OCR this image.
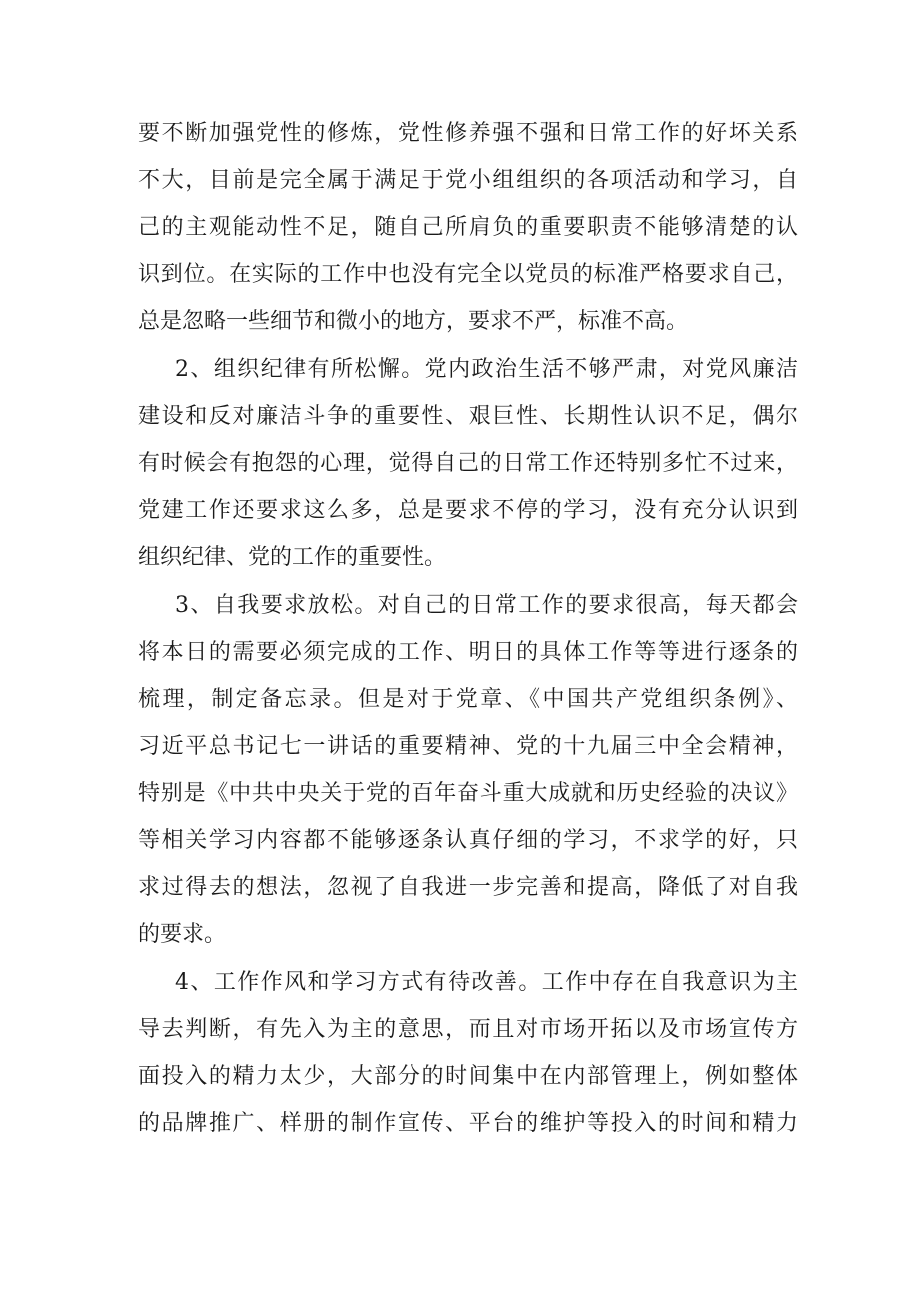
要不断加强党性的修炼，党性修养强不强和日常工作的好坏关系
不大，目前是完全属于满足于党小组组织的各项活动和学习，自
己的主观能动性不足，随自己所肩负的重要职责不能够清楚的认
识到位。在实际的工作中也没有完全以党员的标准严格要求自己，
总是忽略一些细节和微小的地方，要求不严，标准不高。
2、组织纪律有所松懈。党内政治生活不够严肃，对党风廉洁
建设和反对廉洁斗争的重要性、艰巨性、长期性认识不足，偶尔
有时候会有抱怨的心理，觉得自己的日常工作还特别多忙不过来，
党建工作还要求这么多，总是要求不停的学习，没有充分认识到
组织纪律、党的工作的重要性。
3、自我要求放松。对自己的日常工作的要求很高，每天都会
将本日的需要必须完成的工作、明日的具体工作等等进行逐条的
梳理，制定备忘录。但是对于党章、《中国共产党组织条例》、
习近平总书记七一讲话的重要精神、党的十九届三中全会精神，
特别是《中共中央关于党的百年奋斗重大成就和历史经验的决议》
等相关学习内容都不能够逐条认真仔细的学习，不求学的好，只
求过得去的想法，忽视了自我进一步完善和提高，降低了对自我
的要求。
4、工作作风和学习方式有待改善。工作中存在自我意识为主
导去判断，有先入为主的意思，而且对市场开拓以及市场宣传方
面投入的精力太少，大部分的时间集中在内部管理上，例如整体
的品牌推广、样册的制作宣传、平台的维护等投入的时间和精力
